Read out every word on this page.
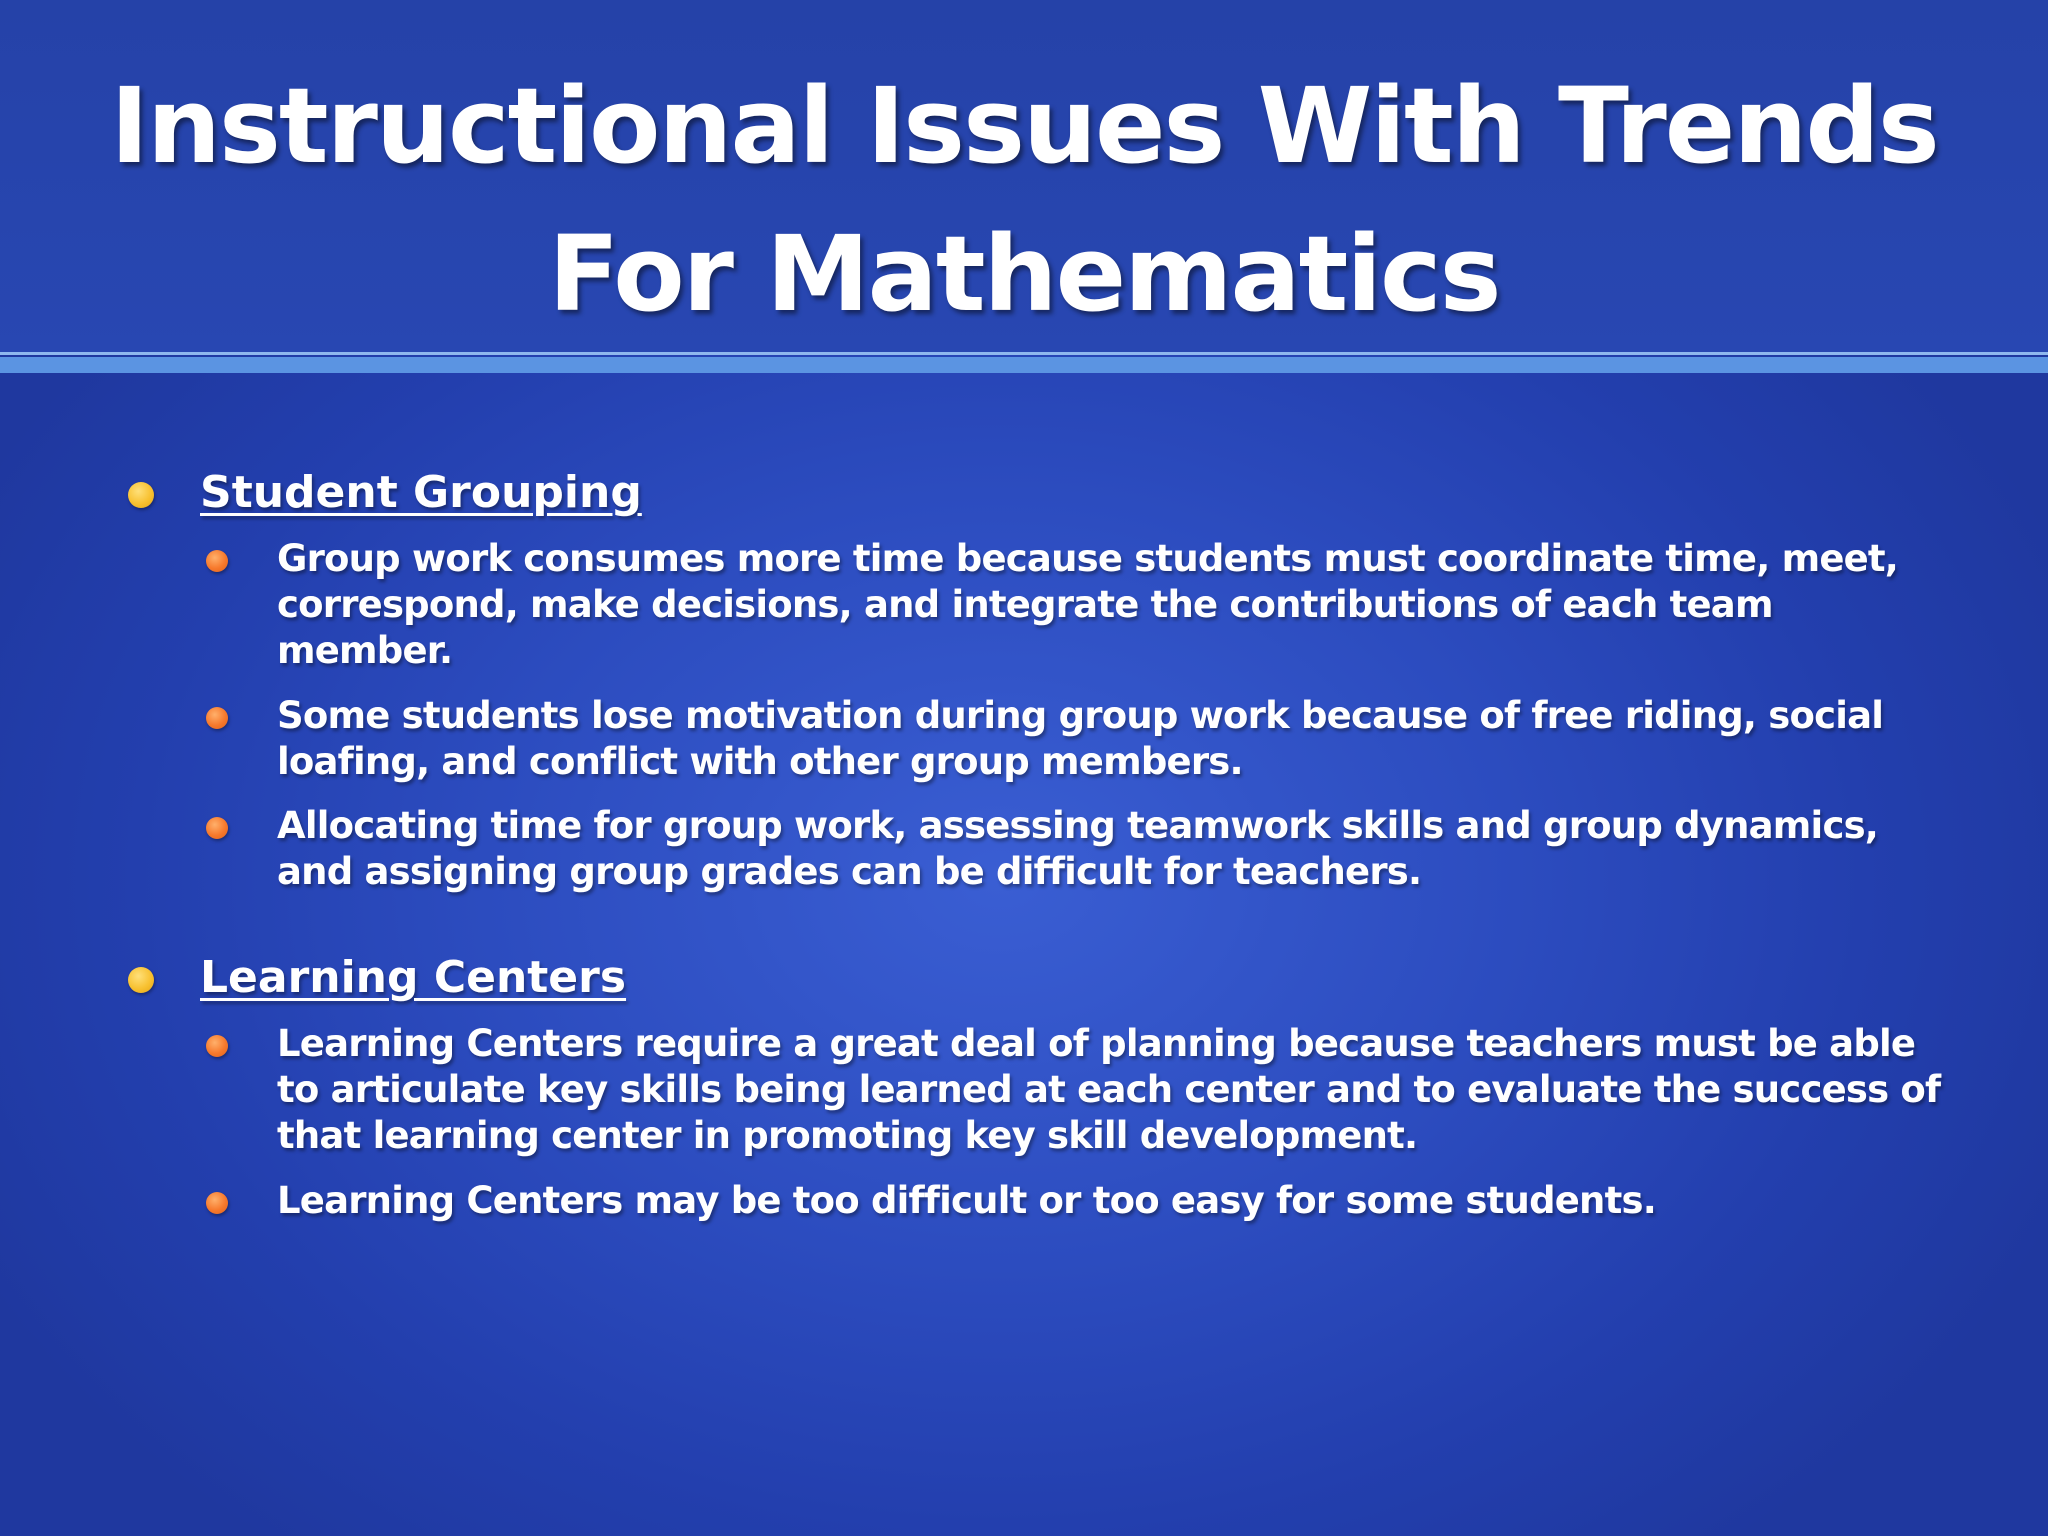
Instructional Issues With Trends
For Mathematics
Student Grouping
Group work consumes more time because students must coordinate time, meet, correspond, make decisions, and integrate the contributions of each team member.
Some students lose motivation during group work because of free riding, social loafing, and conflict with other group members.
Allocating time for group work, assessing teamwork skills and group dynamics, and assigning group grades can be difficult for teachers.
Learning Centers
Learning Centers require a great deal of planning because teachers must be able to articulate key skills being learned at each center and to evaluate the success of that learning center in promoting key skill development.
Learning Centers may be too difficult or too easy for some students.
